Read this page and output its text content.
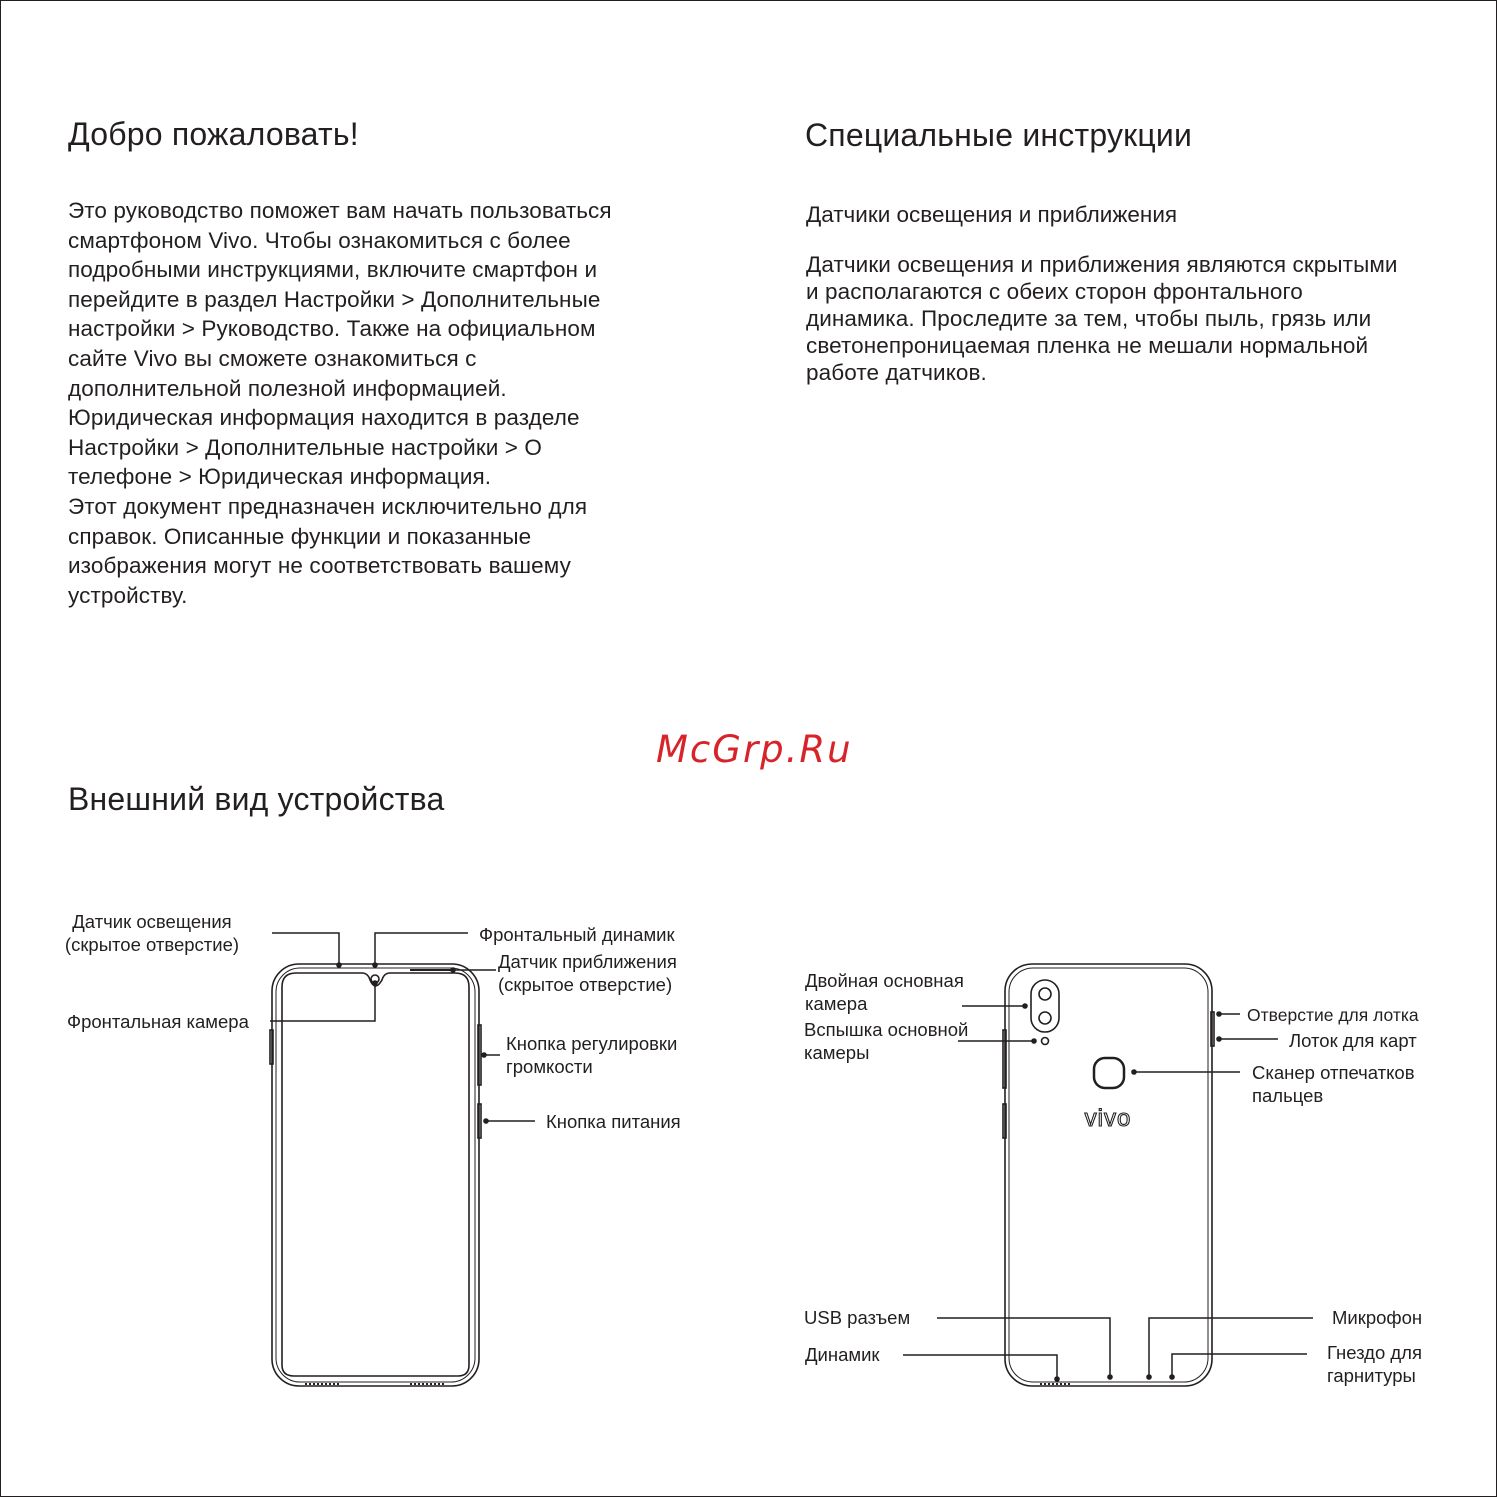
Добро пожаловать!

Это руководство поможет вам начать пользоваться
смартфоном Vivo. Чтобы ознакомиться с более
подробными инструкциями, включите смартфон и
перейдите в раздел Настройки > Дополнительные
настройки > Руководство. Также на официальном
сайте Vivo вы сможете ознакомиться с
дополнительной полезной информацией.
Юридическая информация находится в разделе
Настройки > Дополнительные настройки > О
телефоне > Юридическая информация.
Этот документ предназначен исключительно для
справок. Описанные функции и показанные
изображения могут не соответствовать вашему
устройству.

Специальные инструкции

Датчики освещения и приближения

Датчики освещения и приближения являются скрытыми
и располагаются с обеих сторон фронтального
динамика. Проследите за тем, чтобы пыль, грязь или
светонепроницаемая пленка не мешали нормальной
работе датчиков.

McGrp.Ru
Внешний вид устройства
vivo

Датчик освещения
(скрытое отверстие)	Фронтальный динамик

Датчик приближения
(скрытое отверстие)

Фронтальная камера

Кнопка регулировки
громкости

Кнопка питания

Двойная основная
камера

Вспышка основной
камеры

Отверстие для лотка

Лоток для карт

Сканер отпечатков
пальцев

USB разъем

Динамик

Микрофон

Гнездо для
гарнитуры
